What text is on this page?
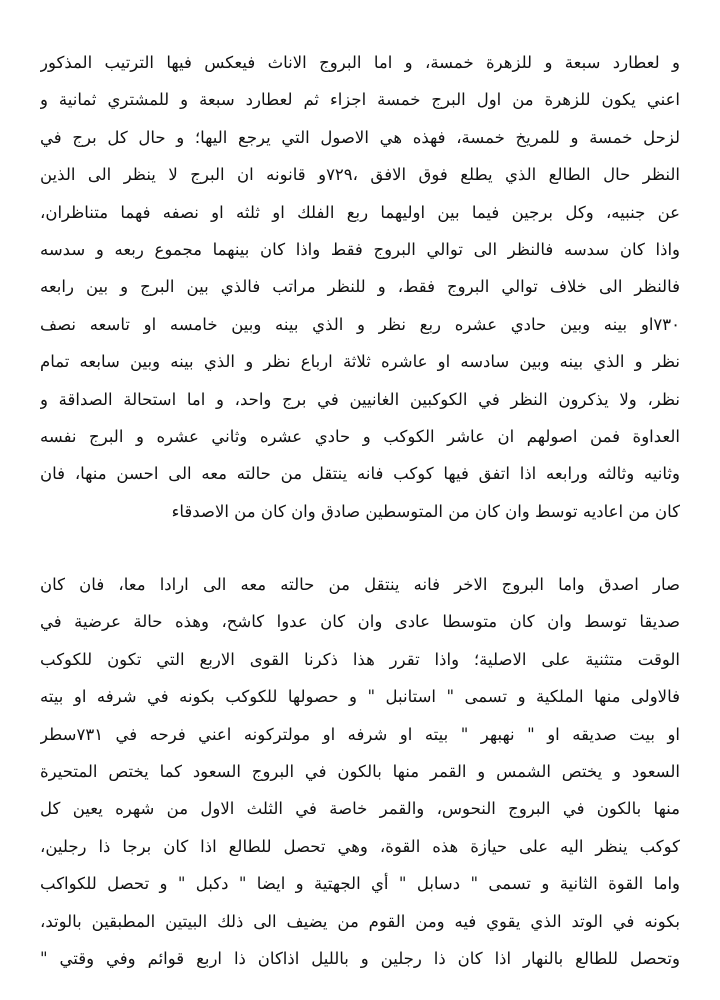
و لعطارد سبعة و للزهرة خمسة، و اما البروج الاناث فيعكس فيها الترتيب المذكور
اعني يكون للزهرة من اول البرج خمسة اجزاء ثم لعطارد سبعة و للمشتري ثمانية و
لزحل خمسة و للمريخ خمسة، فهذه هي الاصول التي يرجع اليها؛ و حال كل برج في
النظر حال الطالع الذي يطلع فوق الافق ،٧٢٩و قانونه ان البرج لا ينظر الى الذين
عن جنبيه، وكل برجين فيما بين اوليهما ربع الفلك او ثلثه او نصفه فهما متناظران،
واذا كان سدسه فالنظر الى توالي البروج فقط واذا كان بينهما مجموع ربعه و سدسه
فالنظر الى خلاف توالي البروج فقط، و للنظر مراتب فالذي بين البرج و بين رابعه
٧٣٠او بينه وبين حادي عشره ربع نظر و الذي بينه وبين خامسه او تاسعه نصف
نظر و الذي بينه وبين سادسه او عاشره ثلاثة ارباع نظر و الذي بينه وبين سابعه تمام
نظر، ولا يذكرون النظر في الكوكبين الغانيين في برج واحد، و اما استحالة الصداقة و
العداوة فمن اصولهم ان عاشر الكوكب و حادي عشره وثاني عشره و البرج نفسه
وثانيه وثالثه ورابعه اذا اتفق فيها كوكب فانه ينتقل من حالته معه الى احسن منها، فان
كان من اعاديه توسط وان كان من المتوسطين صادق وان كان من الاصدقاء
صار اصدق واما البروج الاخر فانه ينتقل من حالته معه الى ارادا معا، فان كان
صديقا توسط وان كان متوسطا عادى وان كان عدوا كاشح، وهذه حالة عرضية في
الوقت متثنية على الاصلية؛ واذا تقرر هذا ذكرنا القوى الاربع التي تكون للكوكب
فالاولى منها الملكية و تسمى " استانبل " و حصولها للكوكب بكونه في شرفه او بيته
او بيت صديقه او " نهبهر " بيته او شرفه او مولتركونه اعني فرحه في ٧٣١سطر
السعود و يختص الشمس و القمر منها بالكون في البروج السعود كما يختص المتحيرة
منها بالكون في البروج النحوس، والقمر خاصة في الثلث الاول من شهره يعين كل
كوكب ينظر اليه على حيازة هذه القوة، وهي تحصل للطالع اذا كان برجا ذا رجلين،
واما القوة الثانية و تسمى " دسابل " أي الجهتية و ايضا " دكبل " و تحصل للكواكب
بكونه في الوتد الذي يقوي فيه ومن القوم من يضيف الى ذلك البيتين المطبقين بالوتد،
وتحصل للطالع بالنهار اذا كان ذا رجلين و بالليل اذاكان ذا اربع قوائم وفي وقتي "
